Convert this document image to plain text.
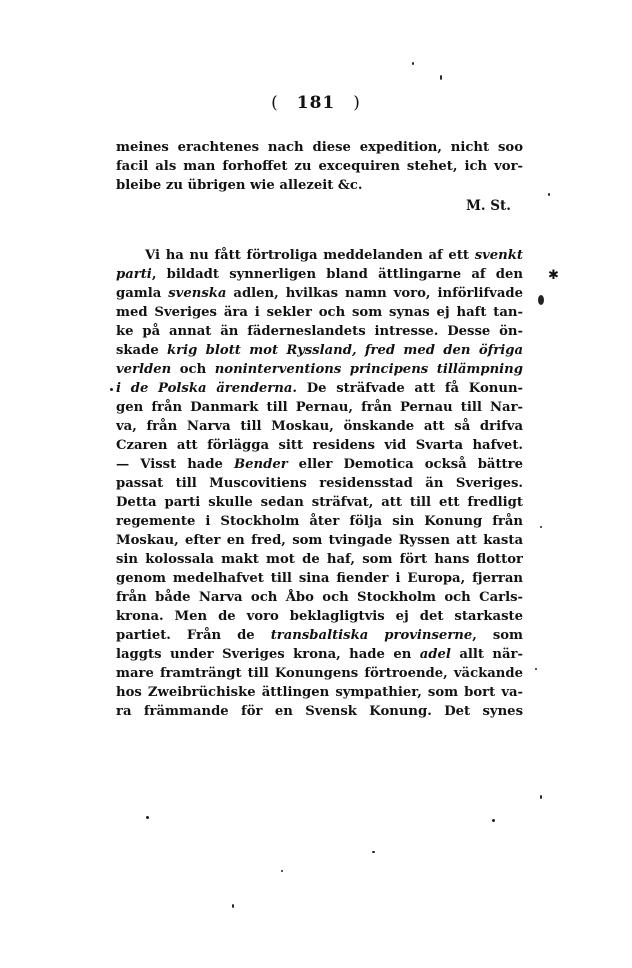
( 181 )
meines erachtenes nach diese expedition, nicht soo
facil als man forhoffet zu excequiren stehet, ich vor-
bleibe zu übrigen wie allezeit &c.
M. St.
Vi ha nu fått förtroliga meddelanden af ett svenkt
parti, bildadt synnerligen bland ättlingarne af den
gamla svenska adlen, hvilkas namn voro, införlifvade
med Sveriges ära i sekler och som synas ej haft tan-
ke på annat än fäderneslandets intresse. Desse ön-
skade krig blott mot Ryssland, fred med den öfriga
verlden och noninterventions principens tillämpning
i de Polska ärenderna. De sträfvade att få Konun-
gen från Danmark till Pernau, från Pernau till Nar-
va, från Narva till Moskau, önskande att så drifva
Czaren att förlägga sitt residens vid Svarta hafvet.
— Visst hade Bender eller Demotica också bättre
passat till Muscovitiens residensstad än Sveriges.
Detta parti skulle sedan sträfvat, att till ett fredligt
regemente i Stockholm åter följa sin Konung från
Moskau, efter en fred, som tvingade Ryssen att kasta
sin kolossala makt mot de haf, som fört hans flottor
genom medelhafvet till sina fiender i Europa, fjerran
från både Narva och Åbo och Stockholm och Carls-
krona. Men de voro beklagligtvis ej det starkaste
partiet. Från de transbaltiska provinserne, som
laggts under Sveriges krona, hade en adel allt när-
mare framträngt till Konungens förtroende, väckande
hos Zweibrüchiske ättlingen sympathier, som bort va-
ra främmande för en Svensk Konung. Det synes
✱
